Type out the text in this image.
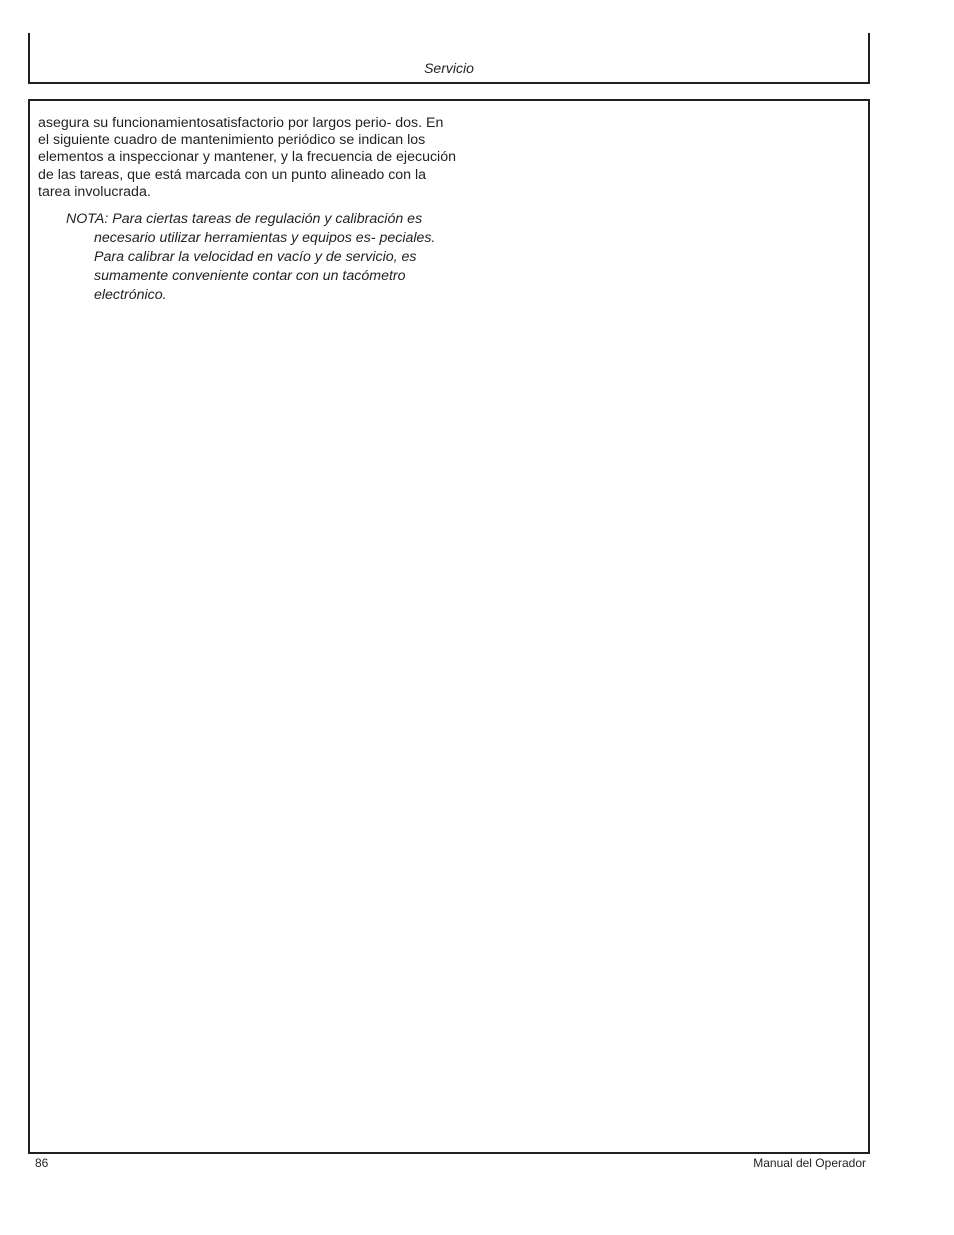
Servicio

asegura su funcionamientosatisfactorio por largos perio- dos. En el siguiente cuadro de mantenimiento periódico se indican los elementos a inspeccionar y mantener, y la frecuencia de ejecución de las tareas, que está marcada con un punto alineado con la tarea involucrada.

NOTA: Para ciertas tareas de regulación y calibración es necesario utilizar herramientas y equipos es- peciales. Para calibrar la velocidad en vacío y de servicio, es sumamente conveniente contar con un tacómetro electrónico.

86	Manual del Operador
